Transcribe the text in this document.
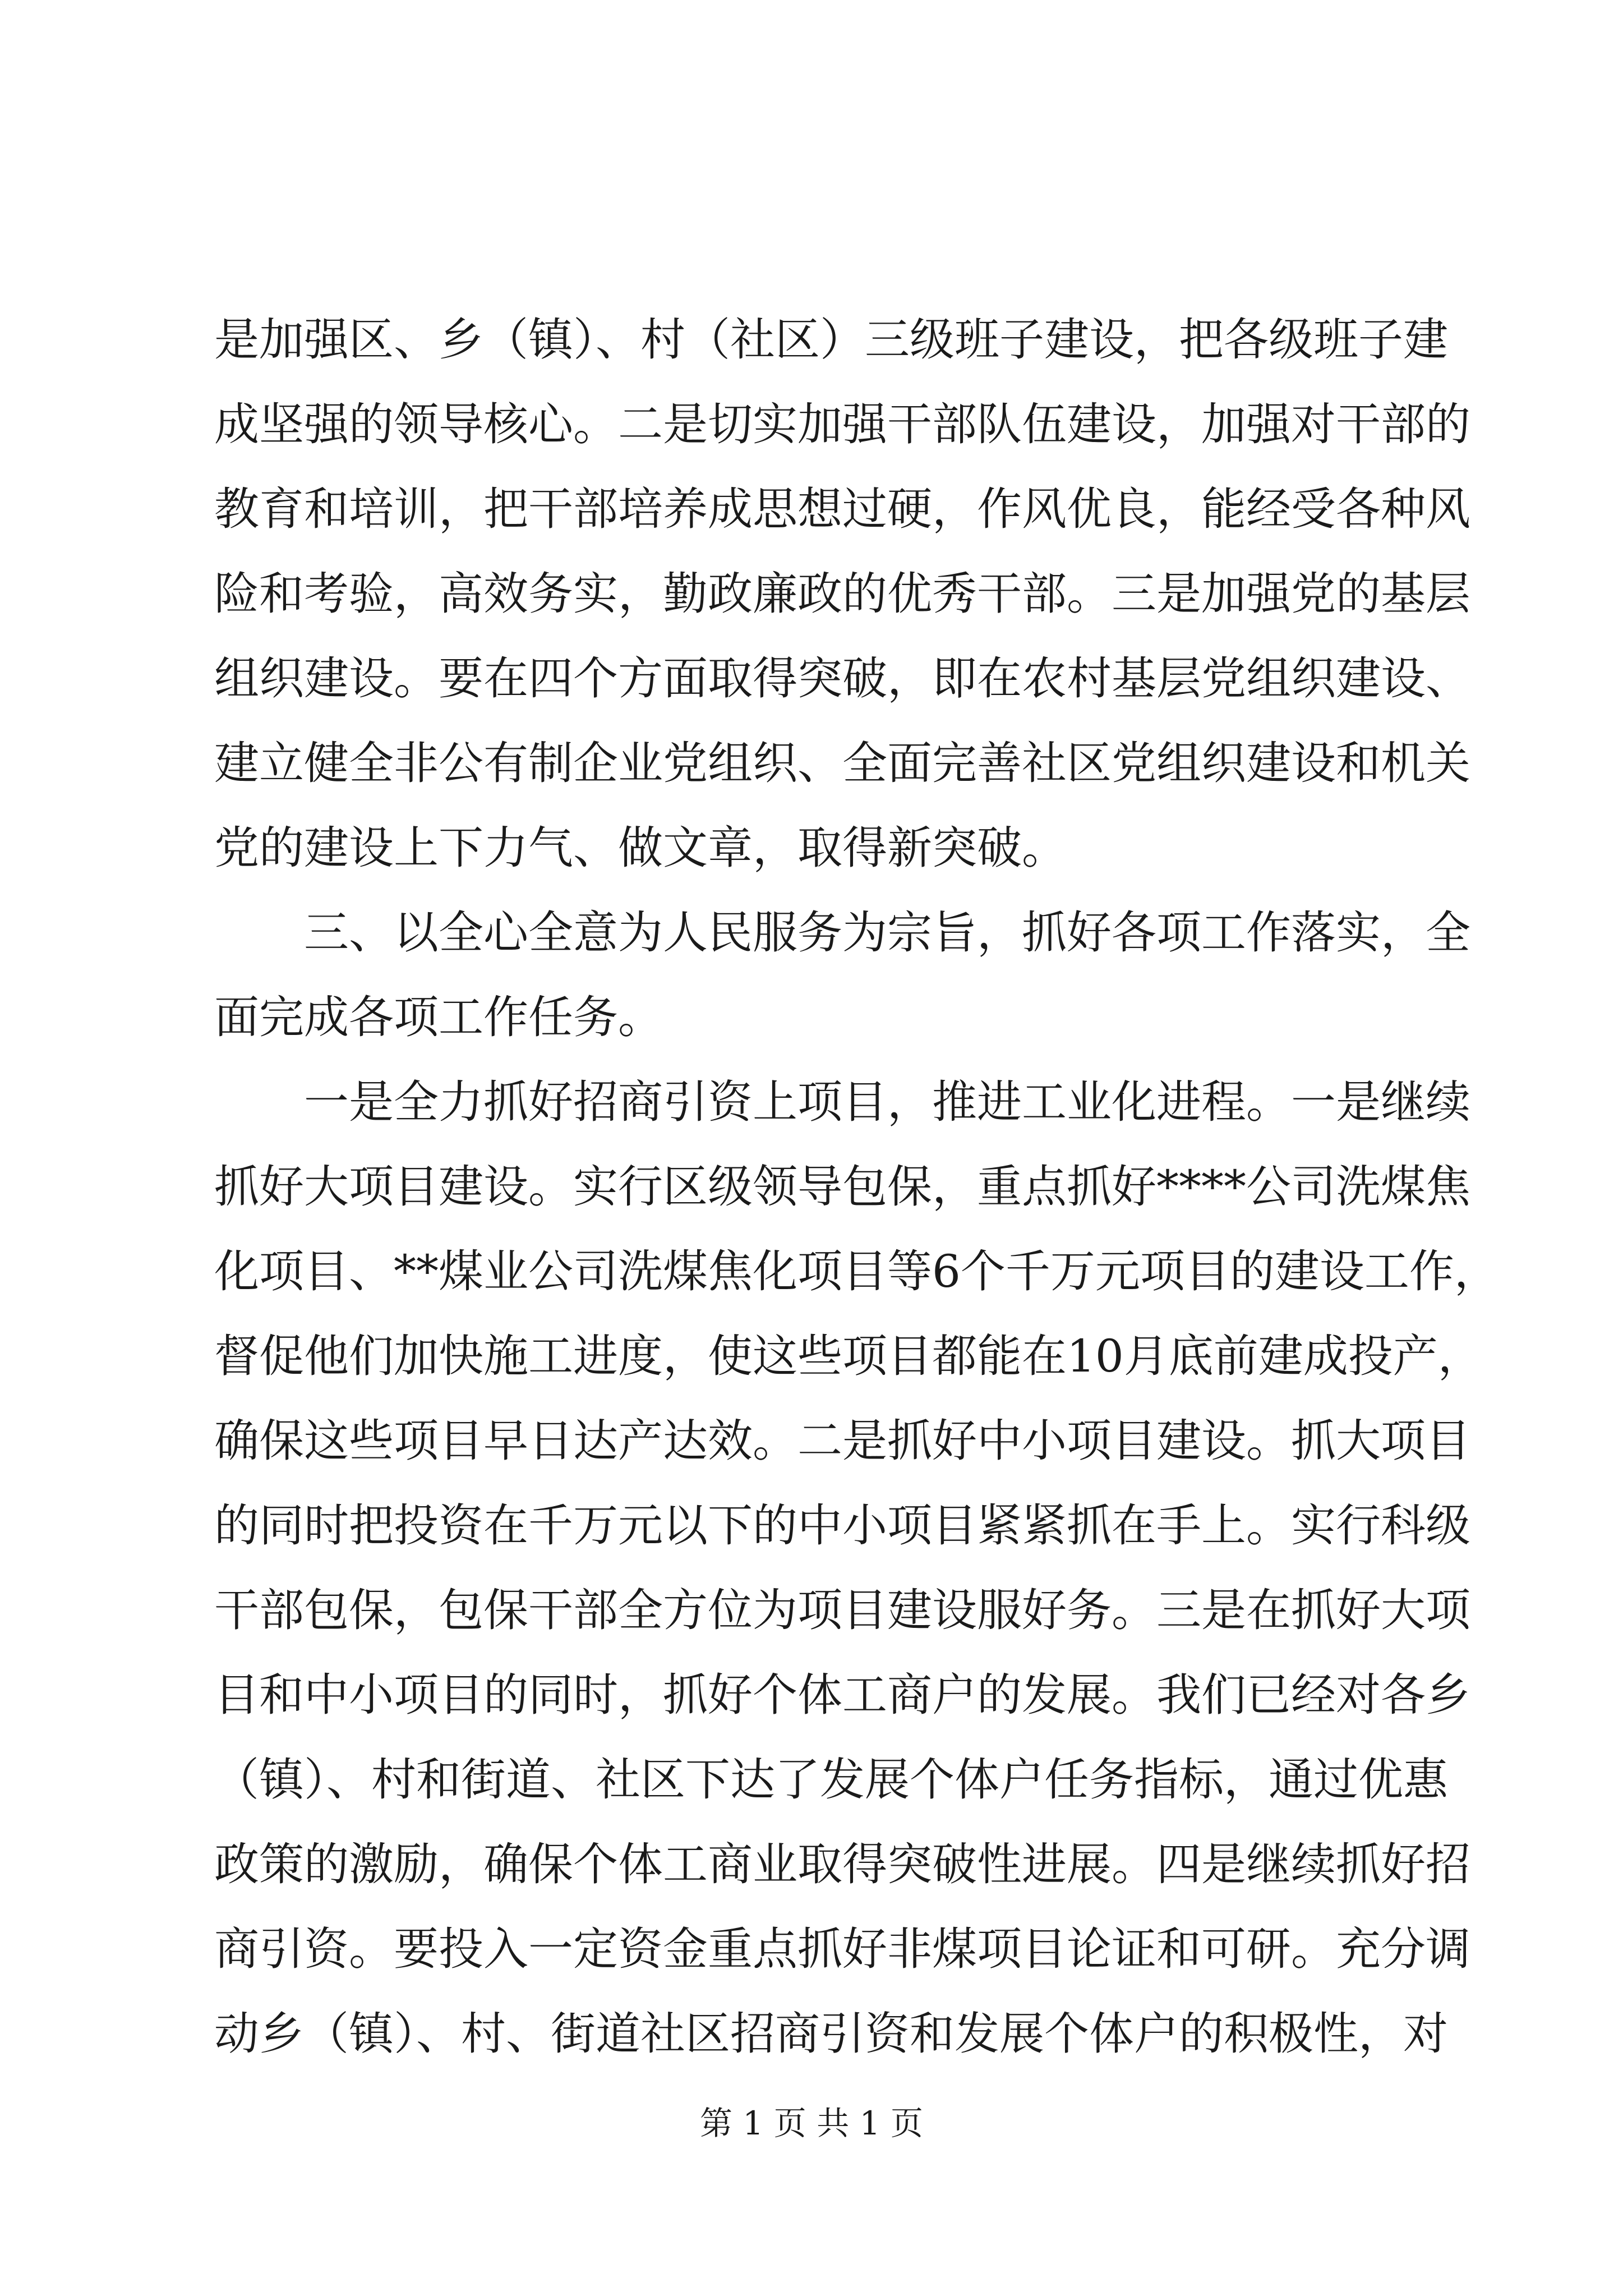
是加强区、乡（镇）、村（社区）三级班子建设，把各级班子建
成坚强的领导核心。二是切实加强干部队伍建设，加强对干部的
教育和培训，把干部培养成思想过硬，作风优良，能经受各种风
险和考验，高效务实，勤政廉政的优秀干部。三是加强党的基层
组织建设。要在四个方面取得突破，即在农村基层党组织建设、
建立健全非公有制企业党组织、全面完善社区党组织建设和机关
党的建设上下力气、做文章，取得新突破。
　　三、以全心全意为人民服务为宗旨，抓好各项工作落实，全
面完成各项工作任务。
　　一是全力抓好招商引资上项目，推进工业化进程。一是继续
抓好大项目建设。实行区级领导包保，重点抓好****公司洗煤焦
化项目、**煤业公司洗煤焦化项目等6个千万元项目的建设工作，
督促他们加快施工进度，使这些项目都能在10月底前建成投产，
确保这些项目早日达产达效。二是抓好中小项目建设。抓大项目
的同时把投资在千万元以下的中小项目紧紧抓在手上。实行科级
干部包保，包保干部全方位为项目建设服好务。三是在抓好大项
目和中小项目的同时，抓好个体工商户的发展。我们已经对各乡
（镇）、村和街道、社区下达了发展个体户任务指标，通过优惠
政策的激励，确保个体工商业取得突破性进展。四是继续抓好招
商引资。要投入一定资金重点抓好非煤项目论证和可研。充分调
动乡（镇）、村、街道社区招商引资和发展个体户的积极性，对
第 1 页 共 1 页
